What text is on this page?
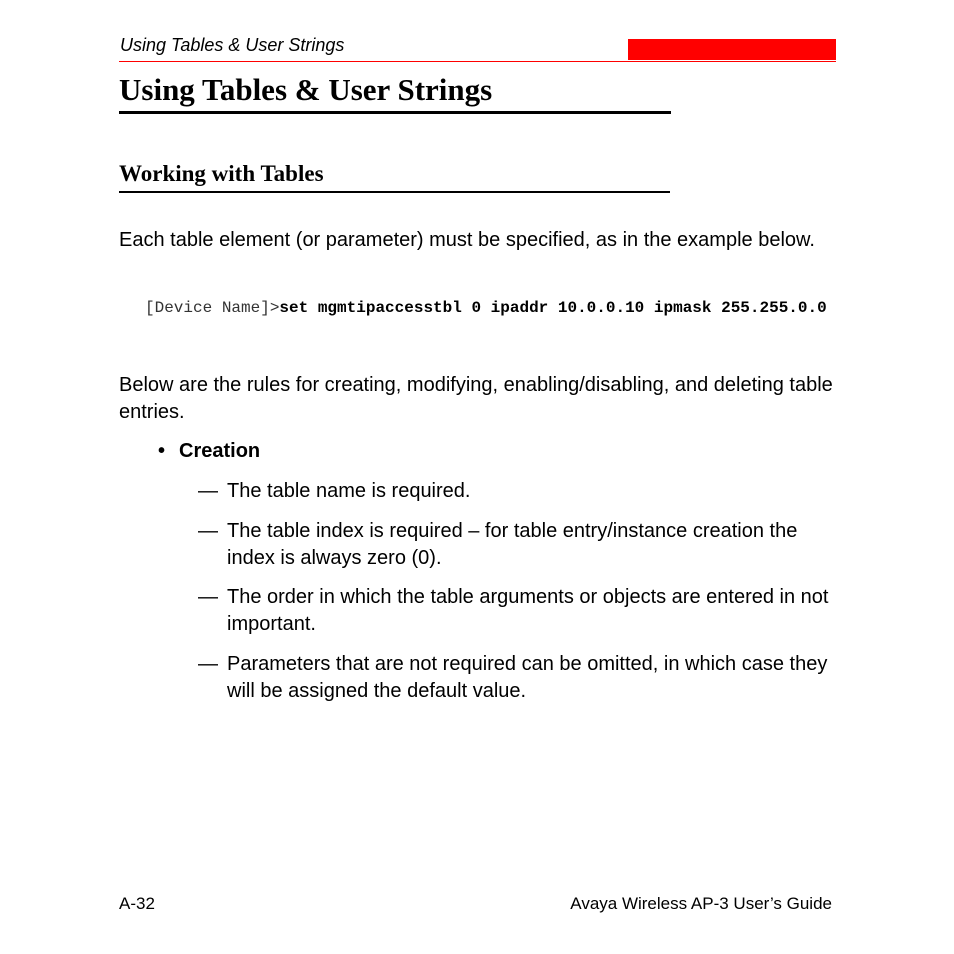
Using Tables & User Strings
Using Tables & User Strings
Working with Tables
Each table element (or parameter) must be specified, as in the example below.
[Device Name]>set mgmtipaccesstbl 0 ipaddr 10.0.0.10 ipmask 255.255.0.0
Below are the rules for creating, modifying, enabling/disabling, and deleting table entries.
• Creation
— The table name is required.
— The table index is required – for table entry/instance creation the index is always zero (0).
— The order in which the table arguments or objects are entered in not important.
— Parameters that are not required can be omitted, in which case they will be assigned the default value.
A-32	Avaya Wireless AP-3 User’s Guide
